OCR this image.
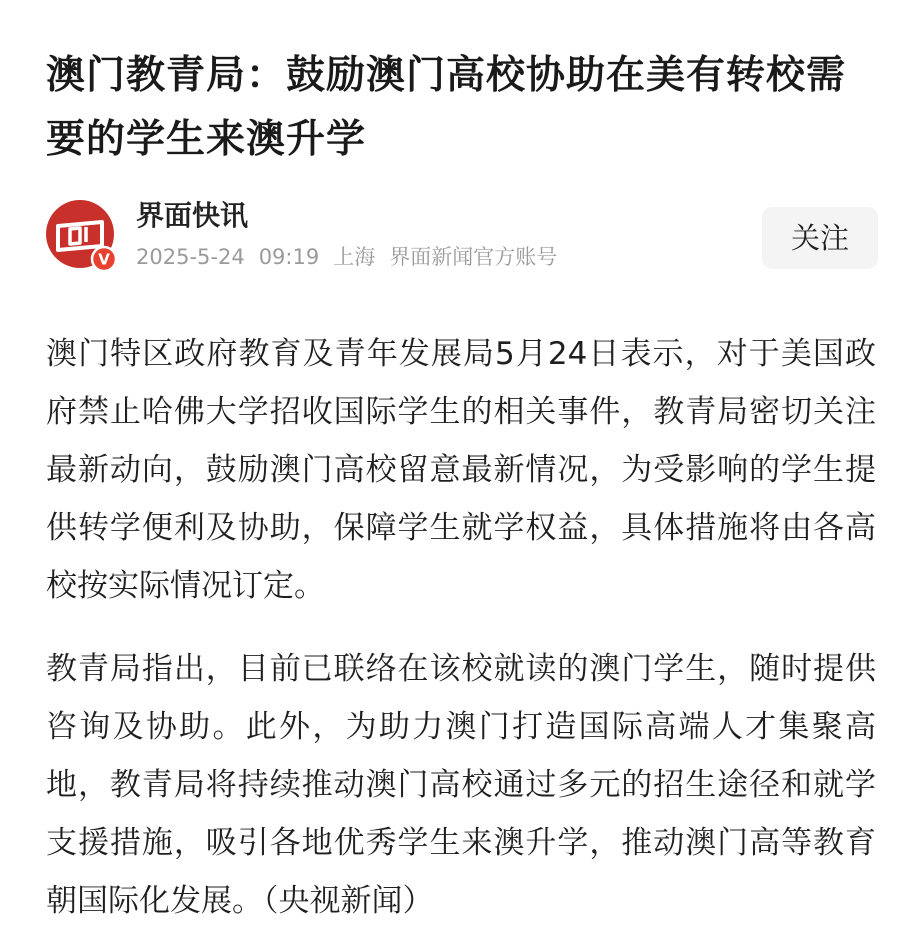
澳门教青局：鼓励澳门高校协助在美有转校需要的学生来澳升学
V
界面快讯
2025-5-24 09:19 上海 界面新闻官方账号
关注

澳门特区政府教育及青年发展局5月24日表示，对于美国政府禁止哈佛大学招收国际学生的相关事件，教青局密切关注最新动向，鼓励澳门高校留意最新情况，为受影响的学生提供转学便利及协助，保障学生就学权益，具体措施将由各高校按实际情况订定。

教青局指出，目前已联络在该校就读的澳门学生，随时提供咨询及协助。此外，为助力澳门打造国际高端人才集聚高地，教青局将持续推动澳门高校通过多元的招生途径和就学支援措施，吸引各地优秀学生来澳升学，推动澳门高等教育朝国际化发展。（央视新闻）
